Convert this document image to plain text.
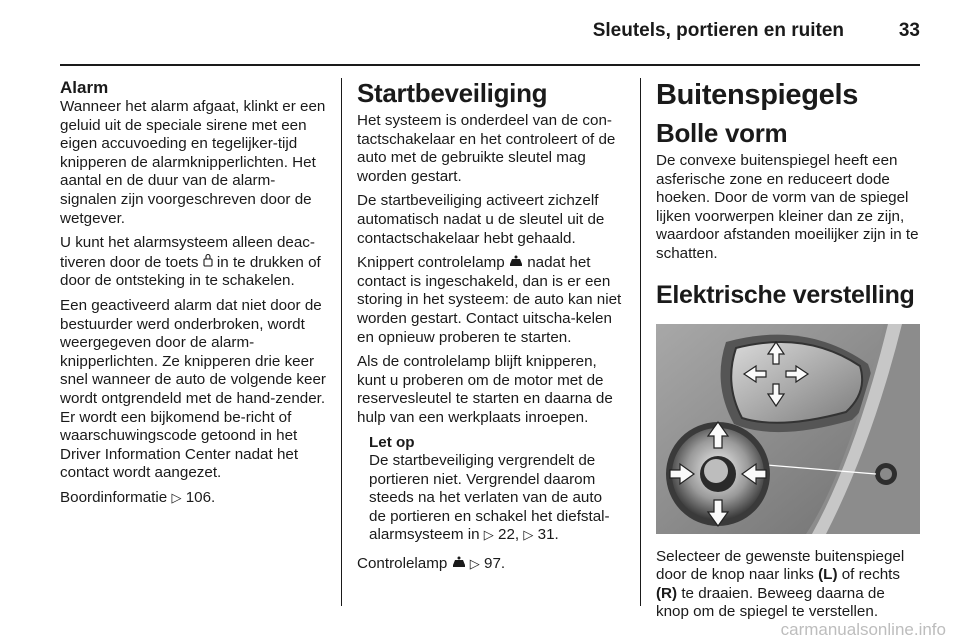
Sleutels, portieren en ruiten	33
Alarm

Wanneer het alarm afgaat, klinkt er een geluid uit de speciale sirene met een eigen accuvoeding en tegelijker-tijd knipperen de alarmknipperlichten. Het aantal en de duur van de alarm-signalen zijn voorgeschreven door de wetgever.

U kunt het alarmsysteem alleen deac-tiveren door de toets  in te drukken of door de ontsteking in te schakelen.

Een geactiveerd alarm dat niet door de bestuurder werd onderbroken, wordt weergegeven door de alarm-knipperlichten. Ze knipperen drie keer snel wanneer de auto de volgende keer wordt ontgrendeld met de hand-zender. Er wordt een bijkomend be-richt of waarschuwingscode getoond in het Driver Information Center nadat het contact wordt aangezet.

Boordinformatie ▷ 106.

Startbeveiliging

Het systeem is onderdeel van de con-tactschakelaar en het controleert of de auto met de gebruikte sleutel mag worden gestart.

De startbeveiliging activeert zichzelf automatisch nadat u de sleutel uit de contactschakelaar hebt gehaald.

Knippert controlelamp  nadat het contact is ingeschakeld, dan is er een storing in het systeem: de auto kan niet worden gestart. Contact uitscha-kelen en opnieuw proberen te starten.

Als de controlelamp blijft knipperen, kunt u proberen om de motor met de reservesleutel te starten en daarna de hulp van een werkplaats inroepen.

Let op
De startbeveiliging vergrendelt de portieren niet. Vergrendel daarom steeds na het verlaten van de auto de portieren en schakel het diefstal-alarmsysteem in ▷ 22, ▷ 31.

Controlelamp ▷ 97.

Buitenspiegels
Bolle vorm

De convexe buitenspiegel heeft een asferische zone en reduceert dode hoeken. Door de vorm van de spiegel lijken voorwerpen kleiner dan ze zijn, waardoor afstanden moeilijker zijn in te schatten.

Elektrische verstelling

Selecteer de gewenste buitenspiegel door de knop naar links (L) of rechts (R) te draaien. Beweeg daarna de knop om de spiegel te verstellen.

carmanualsonline.info
